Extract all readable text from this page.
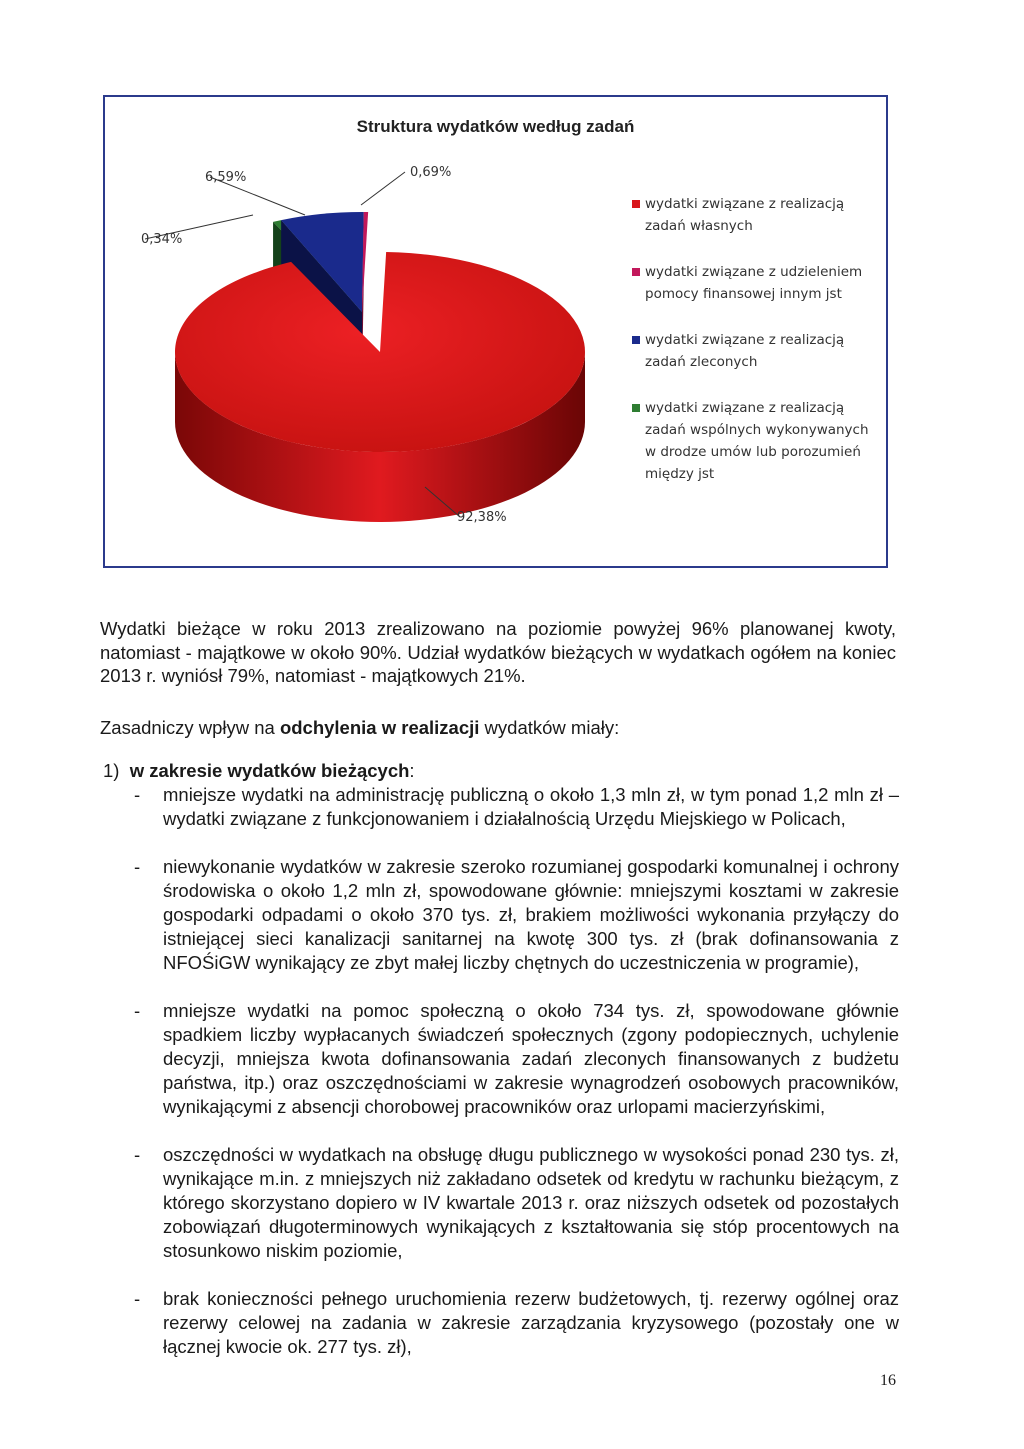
Struktura wydatków według zadań
92,38%
0,34%
6,59%	0,69%
wydatki związane z realizacją zadań własnych
wydatki związane z udzieleniem pomocy finansowej innym jst
wydatki związane z realizacją zadań zleconych
wydatki związane z realizacją zadań wspólnych wykonywanych w drodze umów lub porozumień między jst
Wydatki bieżące w roku 2013 zrealizowano na poziomie powyżej 96% planowanej kwoty, natomiast - majątkowe w około 90%. Udział wydatków bieżących w wydatkach ogółem na koniec 2013 r. wyniósł 79%, natomiast - majątkowych 21%.
Zasadniczy wpływ na odchylenia w realizacji wydatków miały:
1) w zakresie wydatków bieżących:
-	mniejsze wydatki na administrację publiczną o około 1,3 mln zł, w tym ponad 1,2 mln zł – wydatki związane z funkcjonowaniem i działalnością Urzędu Miejskiego w Policach,
-	niewykonanie wydatków w zakresie szeroko rozumianej gospodarki komunalnej i ochrony środowiska o około 1,2 mln zł, spowodowane głównie: mniejszymi kosztami w zakresie gospodarki odpadami o około 370 tys. zł, brakiem możliwości wykonania przyłączy do istniejącej sieci kanalizacji sanitarnej na kwotę 300 tys. zł (brak dofinansowania z NFOŚiGW wynikający ze zbyt małej liczby chętnych do uczestniczenia w programie),
-	mniejsze wydatki na pomoc społeczną o około 734 tys. zł, spowodowane głównie spadkiem liczby wypłacanych świadczeń społecznych (zgony podopiecznych, uchylenie decyzji, mniejsza kwota dofinansowania zadań zleconych finansowanych z budżetu państwa, itp.) oraz oszczędnościami w zakresie wynagrodzeń osobowych pracowników, wynikającymi z absencji chorobowej pracowników oraz urlopami macierzyńskimi,
-	oszczędności w wydatkach na obsługę długu publicznego w wysokości ponad 230 tys. zł, wynikające m.in. z mniejszych niż zakładano odsetek od kredytu w rachunku bieżącym, z którego skorzystano dopiero w IV kwartale 2013 r. oraz niższych odsetek od pozostałych zobowiązań długoterminowych wynikających z kształtowania się stóp procentowych na stosunkowo niskim poziomie,
-	brak konieczności pełnego uruchomienia rezerw budżetowych, tj. rezerwy ogólnej oraz rezerwy celowej na zadania w zakresie zarządzania kryzysowego (pozostały one w łącznej kwocie ok. 277 tys. zł),
16
